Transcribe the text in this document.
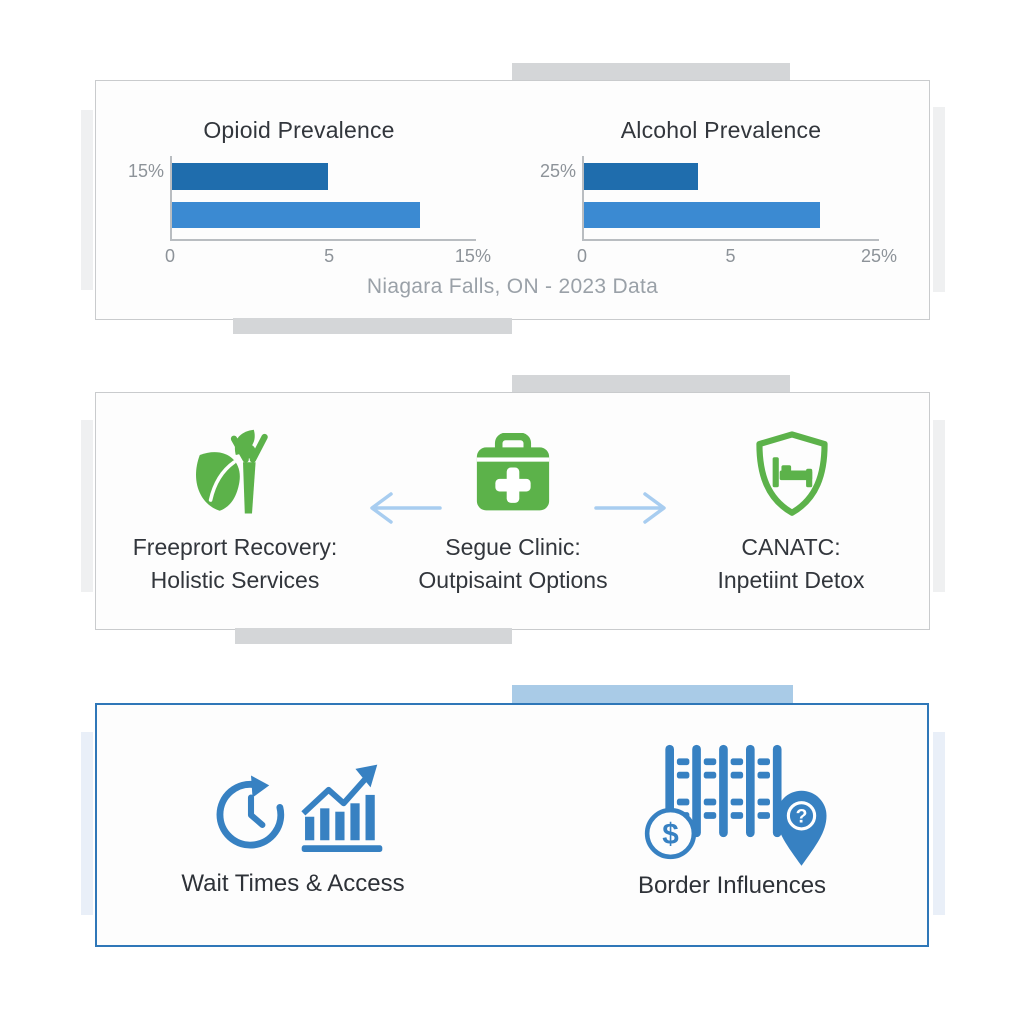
Opioid Prevalence
15%
0	5	15%
Alcohol Prevalence
25%
0	5	25%
Niagara Falls, ON - 2023 Data
Freeprort Recovery:
Holistic Services
Segue Clinic:
Outpisaint Options
CANATC:
Inpetiint Detox
Wait Times & Access
$
?
Border Influences
